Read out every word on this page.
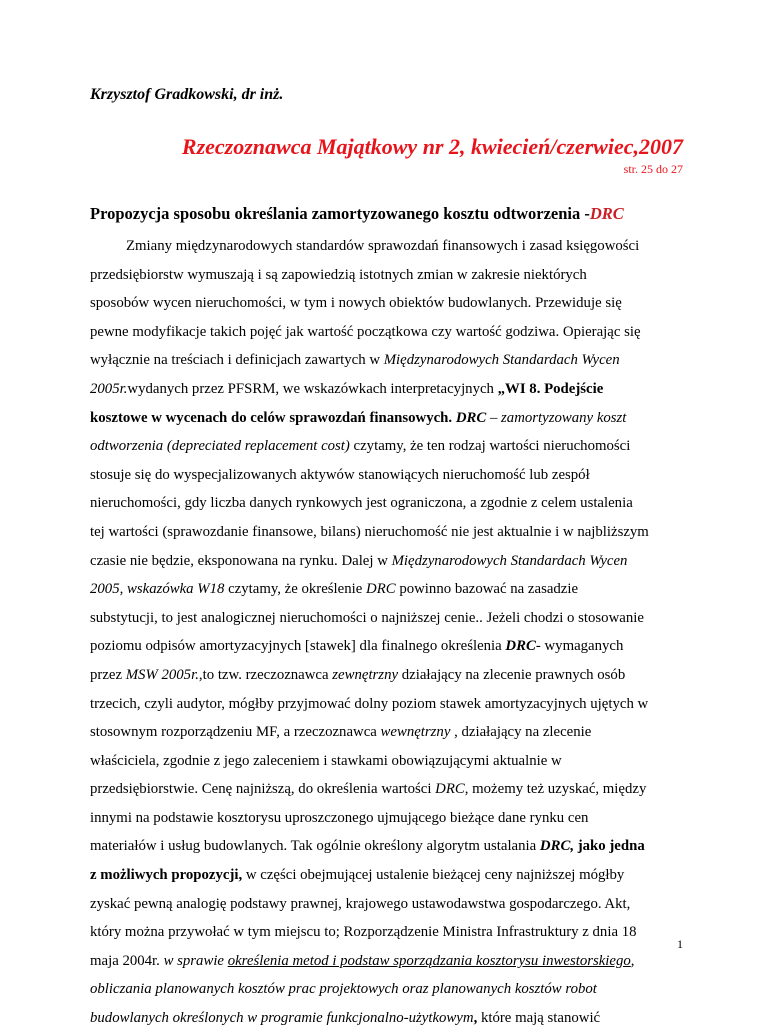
Krzysztof Gradkowski, dr inż.
Rzeczoznawca Majątkowy nr 2, kwiecień/czerwiec,2007
str. 25 do 27
Propozycja sposobu określania zamortyzowanego kosztu odtworzenia -DRC
Zmiany międzynarodowych standardów sprawozdań finansowych i zasad księgowości
przedsiębiorstw wymuszają i są zapowiedzią istotnych zmian w zakresie niektórych
sposobów wycen nieruchomości, w tym i nowych obiektów budowlanych. Przewiduje się
pewne modyfikacje takich pojęć jak wartość początkowa czy wartość godziwa. Opierając się
wyłącznie na treściach i definicjach zawartych w Międzynarodowych Standardach Wycen
2005r.wydanych przez PFSRM, we wskazówkach interpretacyjnych „WI 8. Podejście
kosztowe w wycenach do celów sprawozdań finansowych. DRC – zamortyzowany koszt
odtworzenia (depreciated replacement cost) czytamy, że ten rodzaj wartości nieruchomości
stosuje się do wyspecjalizowanych aktywów stanowiących nieruchomość lub zespół
nieruchomości, gdy liczba danych rynkowych jest ograniczona, a zgodnie z celem ustalenia
tej wartości (sprawozdanie finansowe, bilans) nieruchomość nie jest aktualnie i w najbliższym
czasie nie będzie, eksponowana na rynku. Dalej w Międzynarodowych Standardach Wycen
2005, wskazówka W18 czytamy, że określenie DRC powinno bazować na zasadzie
substytucji, to jest analogicznej nieruchomości o najniższej cenie.. Jeżeli chodzi o stosowanie
poziomu odpisów amortyzacyjnych [stawek] dla finalnego określenia DRC- wymaganych
przez MSW 2005r.,to tzw. rzeczoznawca zewnętrzny działający na zlecenie prawnych osób
trzecich, czyli audytor, mógłby przyjmować dolny poziom stawek amortyzacyjnych ujętych w
stosownym rozporządzeniu MF, a rzeczoznawca wewnętrzny , działający na zlecenie
właściciela, zgodnie z jego zaleceniem i stawkami obowiązującymi aktualnie w
przedsiębiorstwie. Cenę najniższą, do określenia wartości DRC, możemy też uzyskać, między
innymi na podstawie kosztorysu uproszczonego ujmującego bieżące dane rynku cen
materiałów i usług budowlanych. Tak ogólnie określony algorytm ustalania DRC, jako jedna
z możliwych propozycji, w części obejmującej ustalenie bieżącej ceny najniższej mógłby
zyskać pewną analogię podstawy prawnej, krajowego ustawodawstwa gospodarczego. Akt,
który można przywołać w tym miejscu to; Rozporządzenie Ministra Infrastruktury z dnia 18
maja 2004r. w sprawie określenia metod i podstaw sporządzania kosztorysu inwestorskiego,
obliczania planowanych kosztów prac projektowych oraz planowanych kosztów robot
budowlanych określonych w programie funkcjonalno-użytkowym, które mają stanowić
1
